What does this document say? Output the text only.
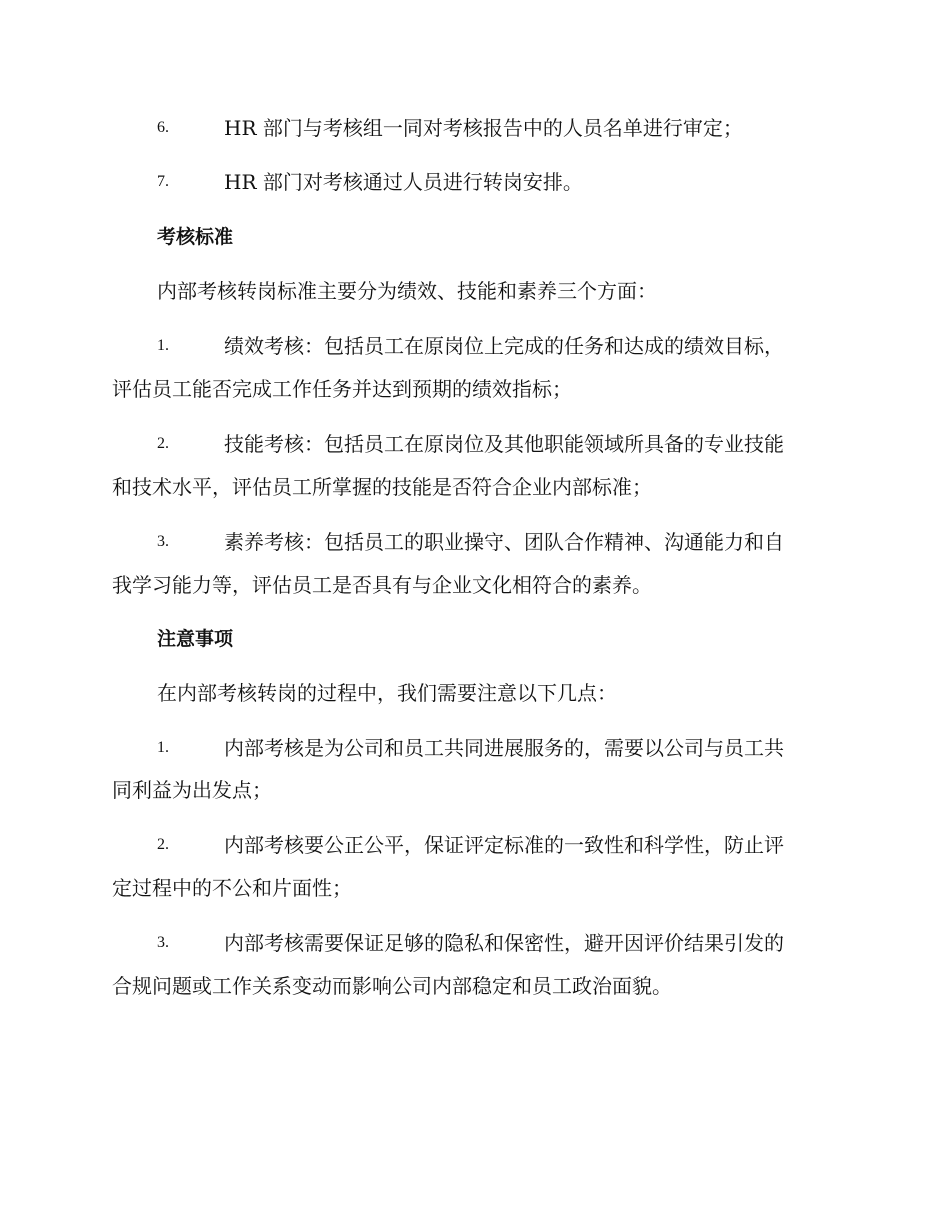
6.	HR 部门与考核组一同对考核报告中的人员名单进行审定；
7.	HR 部门对考核通过人员进行转岗安排。
考核标准
内部考核转岗标准主要分为绩效、技能和素养三个方面：
1.	绩效考核：包括员工在原岗位上完成的任务和达成的绩效目标，
评估员工能否完成工作任务并达到预期的绩效指标；
2.	技能考核：包括员工在原岗位及其他职能领域所具备的专业技能
和技术水平，评估员工所掌握的技能是否符合企业内部标准；
3.	素养考核：包括员工的职业操守、团队合作精神、沟通能力和自
我学习能力等，评估员工是否具有与企业文化相符合的素养。
注意事项
在内部考核转岗的过程中，我们需要注意以下几点：
1.	内部考核是为公司和员工共同进展服务的，需要以公司与员工共
同利益为出发点；
2.	内部考核要公正公平，保证评定标准的一致性和科学性，防止评
定过程中的不公和片面性；
3.	内部考核需要保证足够的隐私和保密性，避开因评价结果引发的
合规问题或工作关系变动而影响公司内部稳定和员工政治面貌。
